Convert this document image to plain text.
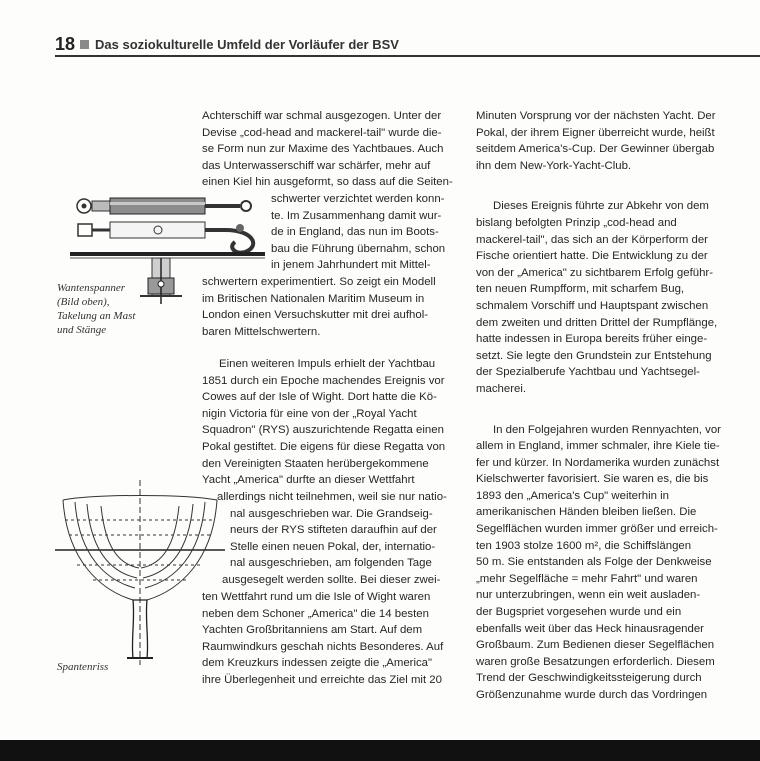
18 Das soziokulturelle Umfeld der Vorläufer der BSV
Wantenspanner
(Bild oben),
Takelung an Mast
und Stänge
Spantenriss

Achterschiff war schmal ausgezogen. Unter der

Devise „cod-head and mackerel-tail" wurde die-

se Form nun zur Maxime des Yachtbaues. Auch

das Unterwasserschiff war schärfer, mehr auf

einen Kiel hin ausgeformt, so dass auf die Seiten-

schwerter verzichtet werden konn-

te. Im Zusammenhang damit wur-

de in England, das nun im Boots-

bau die Führung übernahm, schon

in jenem Jahrhundert mit Mittel-

schwertern experimentiert. So zeigt ein Modell

im Britischen Nationalen Maritim Museum in

London einen Versuchskutter mit drei aufhol-

baren Mittelschwertern.

Einen weiteren Impuls erhielt der Yachtbau

1851 durch ein Epoche machendes Ereignis vor

Cowes auf der Isle of Wight. Dort hatte die Kö-

nigin Victoria für eine von der „Royal Yacht

Squadron" (RYS) auszurichtende Regatta einen

Pokal gestiftet. Die eigens für diese Regatta von

den Vereinigten Staaten herübergekommene

Yacht „America" durfte an dieser Wettfahrt

allerdings nicht teilnehmen, weil sie nur natio-

nal ausgeschrieben war. Die Grandseig-

neurs der RYS stifteten daraufhin auf der

Stelle einen neuen Pokal, der, internatio-

nal ausgeschrieben, am folgenden Tage

ausgesegelt werden sollte. Bei dieser zwei-

ten Wettfahrt rund um die Isle of Wight waren

neben dem Schoner „America" die 14 besten

Yachten Großbritanniens am Start. Auf dem

Raumwindkurs geschah nichts Besonderes. Auf

dem Kreuzkurs indessen zeigte die „America"

ihre Überlegenheit und erreichte das Ziel mit 20

Minuten Vorsprung vor der nächsten Yacht. Der

Pokal, der ihrem Eigner überreicht wurde, heißt

seitdem America's-Cup. Der Gewinner übergab

ihn dem New-York-Yacht-Club.

Dieses Ereignis führte zur Abkehr von dem

bislang befolgten Prinzip „cod-head and

mackerel-tail", das sich an der Körperform der

Fische orientiert hatte. Die Entwicklung zu der

von der „America" zu sichtbarem Erfolg geführ-

ten neuen Rumpfform, mit scharfem Bug,

schmalem Vorschiff und Hauptspant zwischen

dem zweiten und dritten Drittel der Rumpflänge,

hatte indessen in Europa bereits früher einge-

setzt. Sie legte den Grundstein zur Entstehung

der Spezialberufe Yachtbau und Yachtsegel-

macherei.

In den Folgejahren wurden Rennyachten, vor

allem in England, immer schmaler, ihre Kiele tie-

fer und kürzer. In Nordamerika wurden zunächst

Kielschwerter favorisiert. Sie waren es, die bis

1893 den „America's Cup" weiterhin in

amerikanischen Händen bleiben ließen. Die

Segelflächen wurden immer größer und erreich-

ten 1903 stolze 1600 m², die Schiffslängen

50 m. Sie entstanden als Folge der Denkweise

„mehr Segelfläche = mehr Fahrt" und waren

nur unterzubringen, wenn ein weit ausladen-

der Bugspriet vorgesehen wurde und ein

ebenfalls weit über das Heck hinausragender

Großbaum. Zum Bedienen dieser Segelflächen

waren große Besatzungen erforderlich. Diesem

Trend der Geschwindigkeitssteigerung durch

Größenzunahme wurde durch das Vordringen
